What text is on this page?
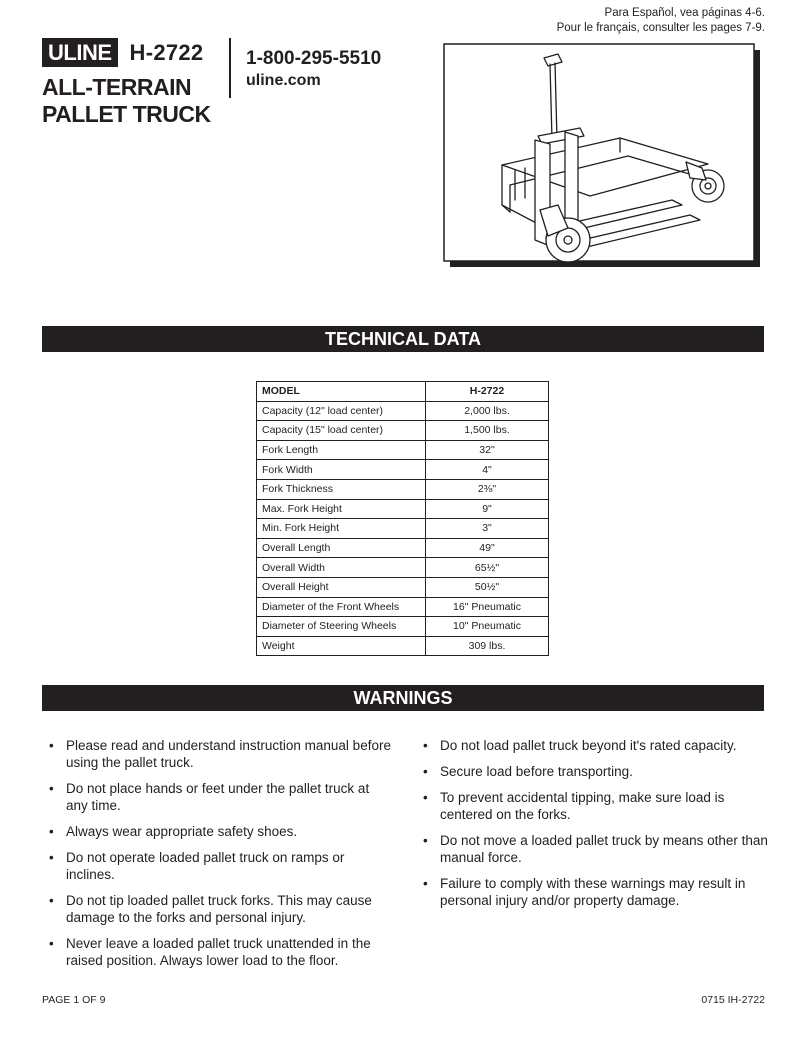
Para Español, vea páginas 4-6.
Pour le français, consulter les pages 7-9.
ULINE H-2722
ALL-TERRAIN
PALLET TRUCK
1-800-295-5510
uline.com
TECHNICAL DATA
MODEL	H-2722
Capacity (12" load center)	2,000 lbs.
Capacity (15" load center)	1,500 lbs.
Fork Length	32"
Fork Width	4"
Fork Thickness	2⅜"
Max. Fork Height	9"
Min. Fork Height	3"
Overall Length	49"
Overall Width	65½"
Overall Height	50½"
Diameter of the Front Wheels	16" Pneumatic
Diameter of Steering Wheels	10" Pneumatic
Weight	309 lbs.
WARNINGS
• Please read and understand instruction manual before using the pallet truck.
• Do not place hands or feet under the pallet truck at any time.
• Always wear appropriate safety shoes.
• Do not operate loaded pallet truck on ramps or inclines.
• Do not tip loaded pallet truck forks. This may cause damage to the forks and personal injury.
• Never leave a loaded pallet truck unattended in the raised position. Always lower load to the floor.
• Do not load pallet truck beyond it's rated capacity.
• Secure load before transporting.
• To prevent accidental tipping, make sure load is centered on the forks.
• Do not move a loaded pallet truck by means other than manual force.
• Failure to comply with these warnings may result in personal injury and/or property damage.
PAGE 1 OF 9	0715 IH-2722
